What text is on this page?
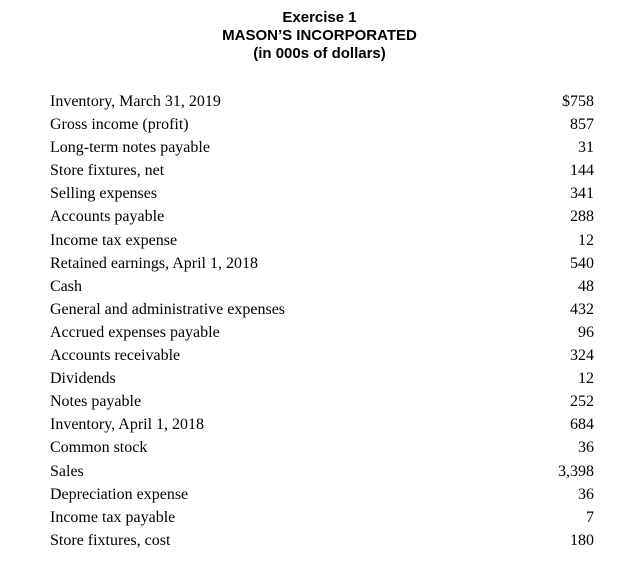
Exercise 1
MASON’S INCORPORATED
(in 000s of dollars)
Inventory, March 31, 2019	$758
Gross income (profit)	857
Long-term notes payable	31
Store fixtures, net	144
Selling expenses	341
Accounts payable	288
Income tax expense	12
Retained earnings, April 1, 2018	540
Cash	48
General and administrative expenses	432
Accrued expenses payable	96
Accounts receivable	324
Dividends	12
Notes payable	252
Inventory, April 1, 2018	684
Common stock	36
Sales	3,398
Depreciation expense	36
Income tax payable	7
Store fixtures, cost	180
